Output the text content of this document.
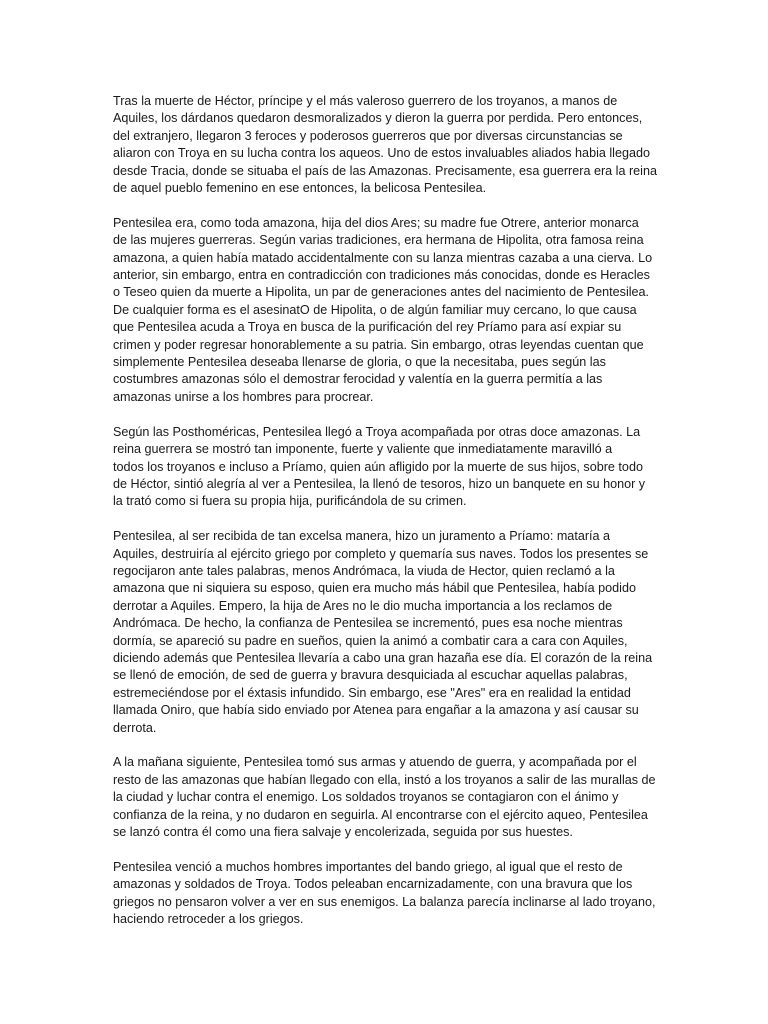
Tras la muerte de Héctor, príncipe y el más valeroso guerrero de los troyanos, a manos de
Aquiles, los dárdanos quedaron desmoralizados y dieron la guerra por perdida. Pero entonces,
del extranjero, llegaron 3 feroces y poderosos guerreros que por diversas circunstancias se
aliaron con Troya en su lucha contra los aqueos. Uno de estos invaluables aliados habia llegado
desde Tracia, donde se situaba el país de las Amazonas. Precisamente, esa guerrera era la reina
de aquel pueblo femenino en ese entonces, la belicosa Pentesilea.

Pentesilea era, como toda amazona, hija del dios Ares; su madre fue Otrere, anterior monarca
de las mujeres guerreras. Según varias tradiciones, era hermana de Hipolita, otra famosa reina
amazona, a quien había matado accidentalmente con su lanza mientras cazaba a una cierva. Lo
anterior, sin embargo, entra en contradicción con tradiciones más conocidas, donde es Heracles
o Teseo quien da muerte a Hipolita, un par de generaciones antes del nacimiento de Pentesilea.
De cualquier forma es el asesinatO de Hipolita, o de algún familiar muy cercano, lo que causa
que Pentesilea acuda a Troya en busca de la purificación del rey Príamo para así expiar su
crimen y poder regresar honorablemente a su patria. Sin embargo, otras leyendas cuentan que
simplemente Pentesilea deseaba llenarse de gloria, o que la necesitaba, pues según las
costumbres amazonas sólo el demostrar ferocidad y valentía en la guerra permitía a las
amazonas unirse a los hombres para procrear.

Según las Posthoméricas, Pentesilea llegó a Troya acompañada por otras doce amazonas. La
reina guerrera se mostró tan imponente, fuerte y valiente que inmediatamente maravilló a
todos los troyanos e incluso a Príamo, quien aún afligido por la muerte de sus hijos, sobre todo
de Héctor, sintió alegría al ver a Pentesilea, la llenó de tesoros, hizo un banquete en su honor y
la trató como si fuera su propia hija, purificándola de su crimen.

Pentesilea, al ser recibida de tan excelsa manera, hizo un juramento a Príamo: mataría a
Aquiles, destruiría al ejército griego por completo y quemaría sus naves. Todos los presentes se
regocijaron ante tales palabras, menos Andrómaca, la viuda de Hector, quien reclamó a la
amazona que ni siquiera su esposo, quien era mucho más hábil que Pentesilea, había podido
derrotar a Aquiles. Empero, la hija de Ares no le dio mucha importancia a los reclamos de
Andrómaca. De hecho, la confianza de Pentesilea se incrementó, pues esa noche mientras
dormía, se apareció su padre en sueños, quien la animó a combatir cara a cara con Aquiles,
diciendo además que Pentesilea llevaría a cabo una gran hazaña ese día. El corazón de la reina
se llenó de emoción, de sed de guerra y bravura desquiciada al escuchar aquellas palabras,
estremeciéndose por el éxtasis infundido. Sin embargo, ese "Ares" era en realidad la entidad
llamada Oniro, que había sido enviado por Atenea para engañar a la amazona y así causar su
derrota.

A la mañana siguiente, Pentesilea tomó sus armas y atuendo de guerra, y acompañada por el
resto de las amazonas que habían llegado con ella, instó a los troyanos a salir de las murallas de
la ciudad y luchar contra el enemigo. Los soldados troyanos se contagiaron con el ánimo y
confianza de la reina, y no dudaron en seguirla. Al encontrarse con el ejército aqueo, Pentesilea
se lanzó contra él como una fiera salvaje y encolerizada, seguida por sus huestes.

Pentesilea venció a muchos hombres importantes del bando griego, al igual que el resto de
amazonas y soldados de Troya. Todos peleaban encarnizadamente, con una bravura que los
griegos no pensaron volver a ver en sus enemigos. La balanza parecía inclinarse al lado troyano,
haciendo retroceder a los griegos.
